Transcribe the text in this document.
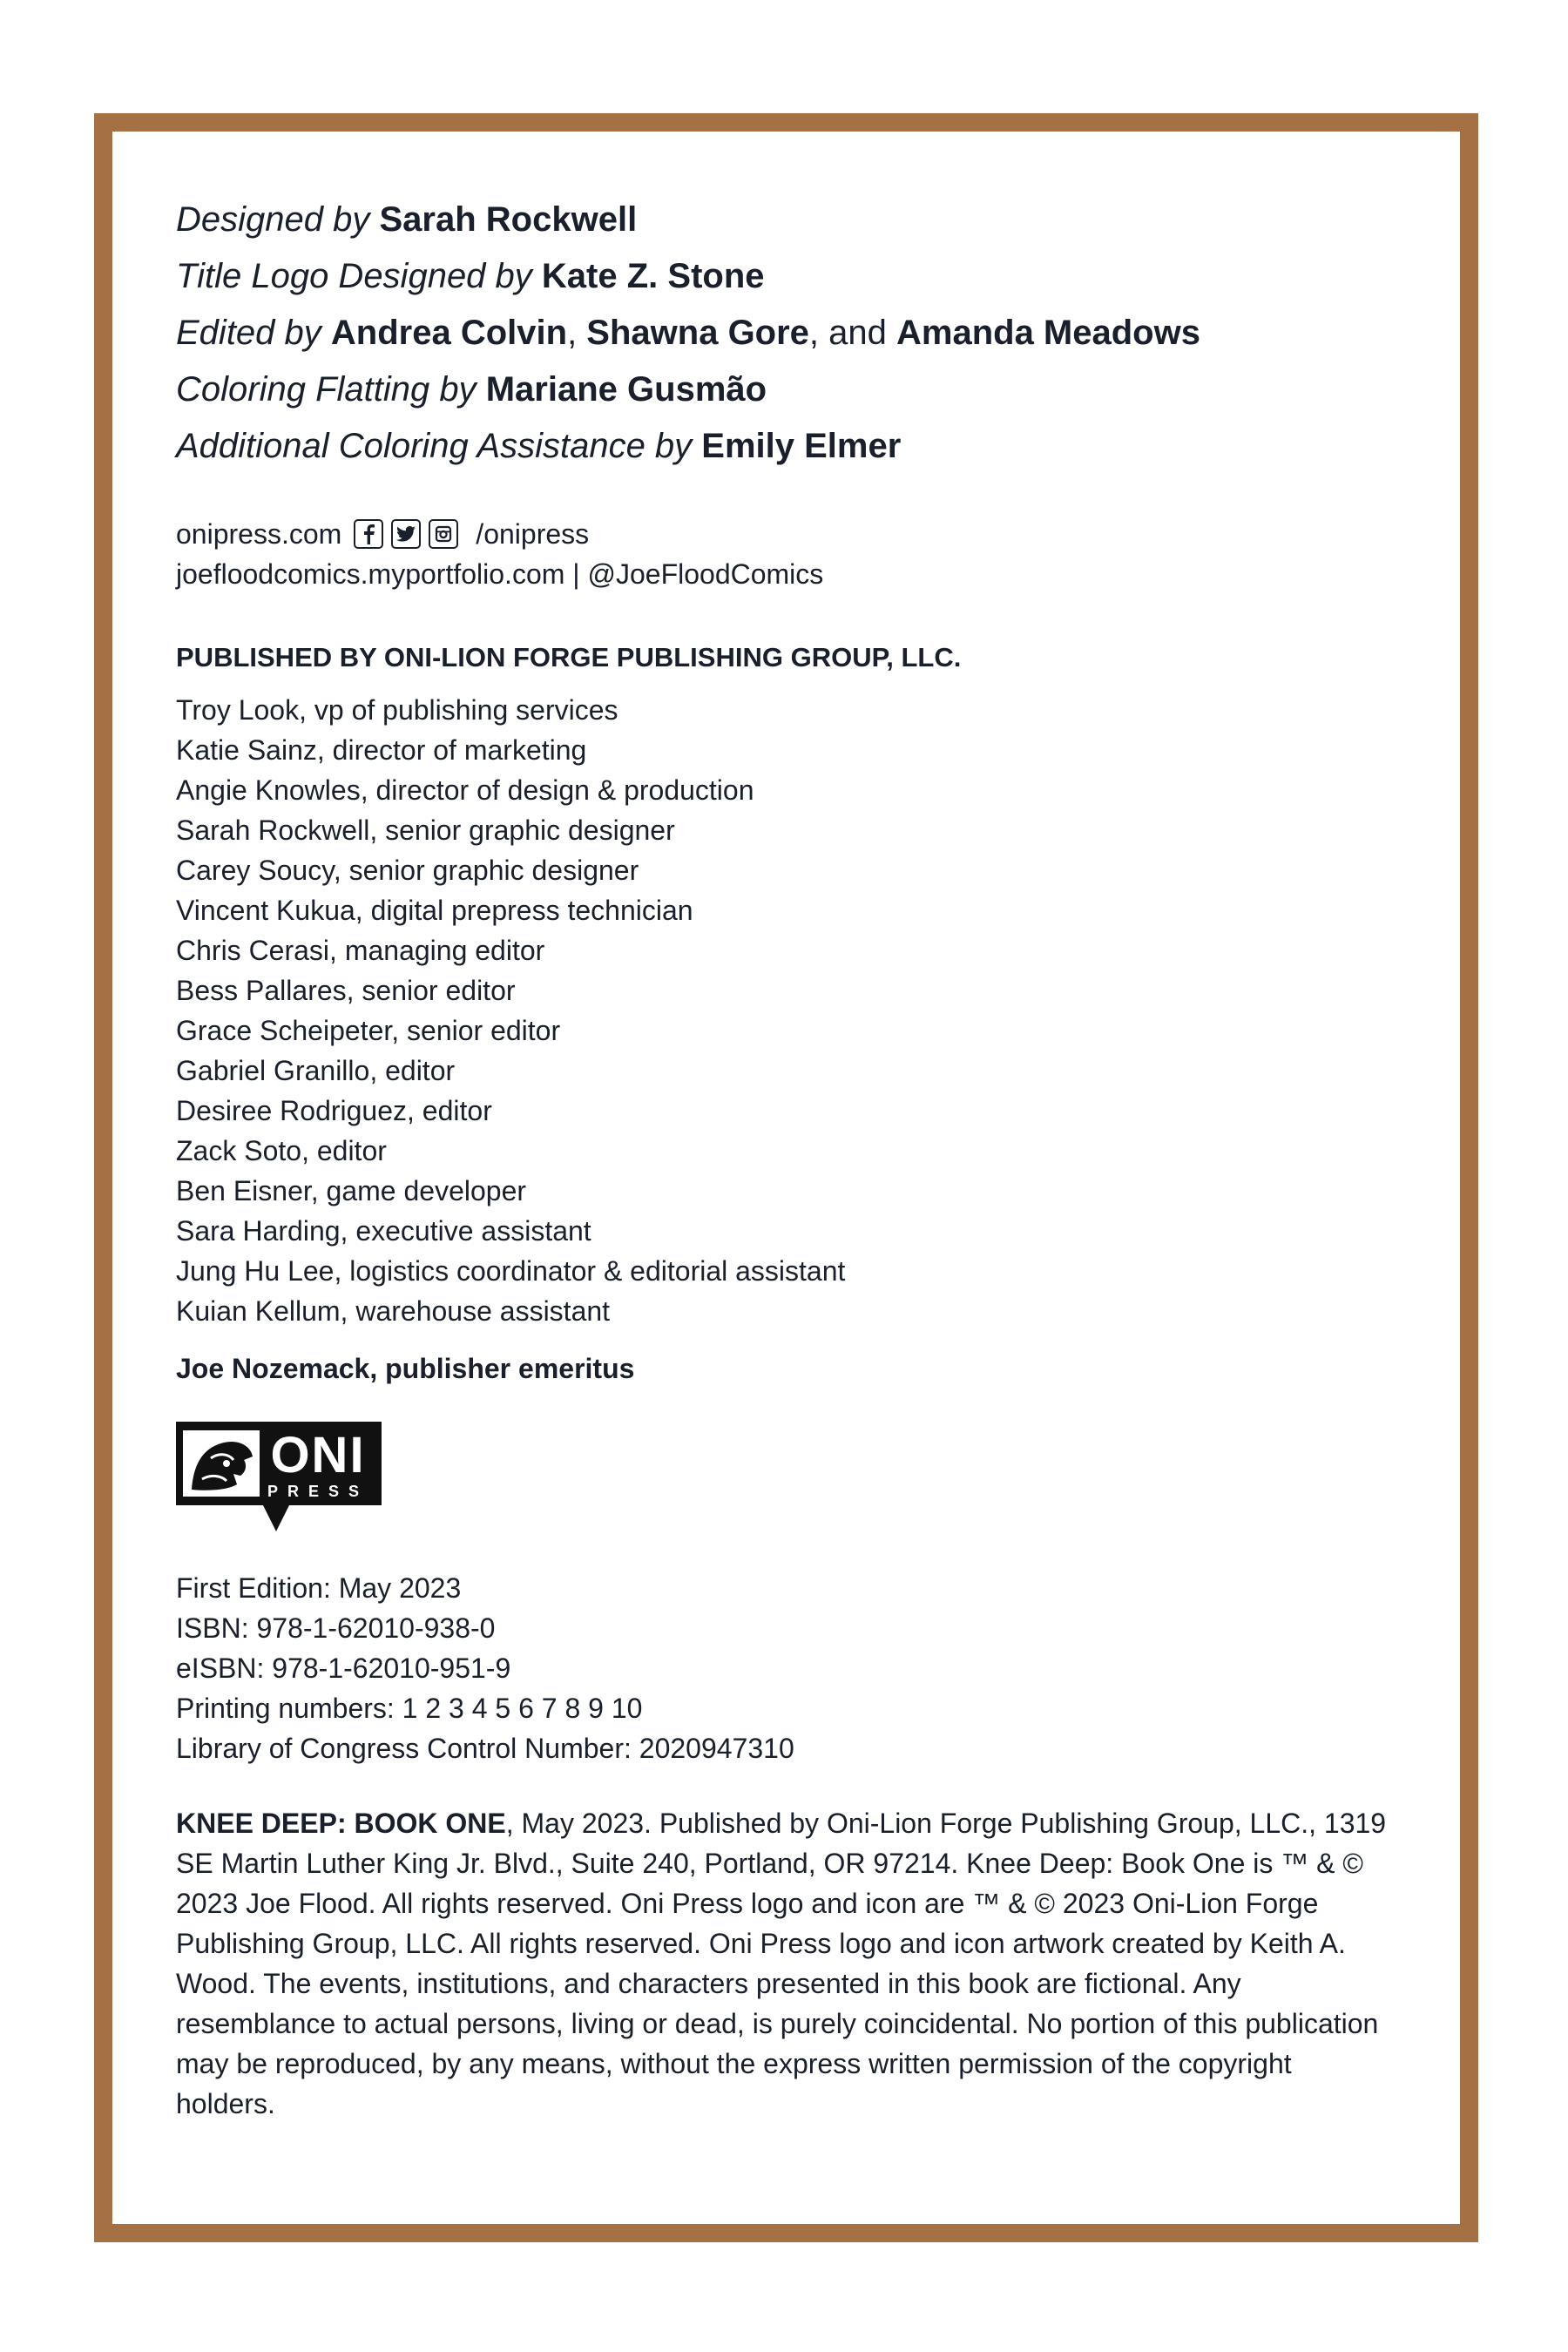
Designed by Sarah Rockwell
Title Logo Designed by Kate Z. Stone
Edited by Andrea Colvin, Shawna Gore, and Amanda Meadows
Coloring Flatting by Mariane Gusmão
Additional Coloring Assistance by Emily Elmer
onipress.com	/onipress
joefloodcomics.myportfolio.com | @JoeFloodComics
PUBLISHED BY ONI-LION FORGE PUBLISHING GROUP, LLC.
Troy Look, vp of publishing services
Katie Sainz, director of marketing
Angie Knowles, director of design & production
Sarah Rockwell, senior graphic designer
Carey Soucy, senior graphic designer
Vincent Kukua, digital prepress technician
Chris Cerasi, managing editor
Bess Pallares, senior editor
Grace Scheipeter, senior editor
Gabriel Granillo, editor
Desiree Rodriguez, editor
Zack Soto, editor
Ben Eisner, game developer
Sara Harding, executive assistant
Jung Hu Lee, logistics coordinator & editorial assistant
Kuian Kellum, warehouse assistant
Joe Nozemack, publisher emeritus
ONI
PRESS
First Edition: May 2023
ISBN: 978-1-62010-938-0
eISBN: 978-1-62010-951-9
Printing numbers: 1 2 3 4 5 6 7 8 9 10
Library of Congress Control Number: 2020947310
KNEE DEEP: BOOK ONE, May 2023. Published by Oni-Lion Forge Publishing Group, LLC., 1319 SE Martin Luther King Jr. Blvd., Suite 240, Portland, OR 97214. Knee Deep: Book One is ™ & © 2023 Joe Flood. All rights reserved. Oni Press logo and icon are ™ & © 2023 Oni-Lion Forge Publishing Group, LLC. All rights reserved. Oni Press logo and icon artwork created by Keith A. Wood. The events, institutions, and characters presented in this book are fictional. Any resemblance to actual persons, living or dead, is purely coincidental. No portion of this publication may be reproduced, by any means, without the express written permission of the copyright holders.
